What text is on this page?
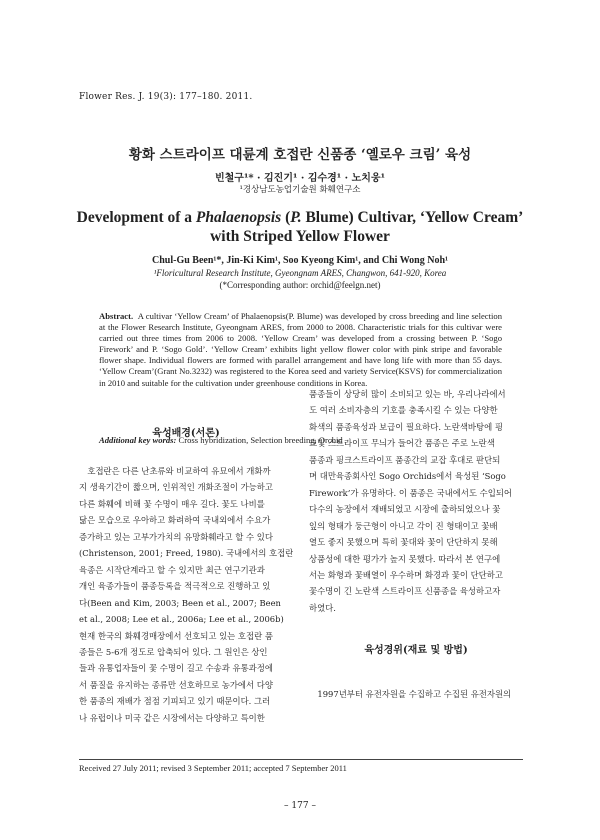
Flower Res. J. 19(3): 177–180. 2011.
황화 스트라이프 대륜계 호접란 신품종 ‘옐로우 크림’ 육성
빈철구¹* · 김진기¹ · 김수경¹ · 노치웅¹
¹경상남도농업기술원 화훼연구소
Development of a Phalaenopsis (P. Blume) Cultivar, ‘Yellow Cream’
with Striped Yellow Flower
Chul-Gu Been¹*, Jin-Ki Kim¹, Soo Kyeong Kim¹, and Chi Wong Noh¹
¹Floricultural Research Institute, Gyeongnam ARES, Changwon, 641-920, Korea
(*Corresponding author: orchid@feelgn.net)
Abstract. A cultivar ‘Yellow Cream’ of Phalaenopsis(P. Blume) was developed by cross breeding and line selection at the Flower Research Institute, Gyeongnam ARES, from 2000 to 2008. Characteristic trials for this cultivar were carried out three times from 2006 to 2008. ‘Yellow Cream’ was developed from a crossing between P. ‘Sogo Firework’ and P. ‘Sogo Gold’. ‘Yellow Cream’ exhibits light yellow flower color with pink stripe and favorable flower shape. Individual flowers are formed with parallel arrangement and have long life with more than 55 days. ‘Yellow Cream’(Grant No.3232) was registered to the Korea seed and variety Service(KSVS) for commercialization in 2010 and suitable for the cultivation under greenhouse conditions in Korea.
Additional key words: Cross hybridization, Selection breeding, Orchid
육성배경(서론)
　호접란은 다른 난초류와 비교하여 유묘에서 개화까
지 생육기간이 짧으며, 인위적인 개화조절이 가능하고
다른 화훼에 비해 꽃 수명이 매우 길다. 꽃도 나비를
닮은 모습으로 우아하고 화려하여 국내외에서 수요가
증가하고 있는 고부가가치의 유망화훼라고 할 수 있다
(Christenson, 2001; Freed, 1980). 국내에서의 호접란
육종은 시작단계라고 할 수 있지만 최근 연구기관과
개인 육종가들이 품종등록을 적극적으로 진행하고 있
다(Been and Kim, 2003; Been et al., 2007; Been
et al., 2008; Lee et al., 2006a; Lee et al., 2006b)
현재 한국의 화훼경매장에서 선호되고 있는 호접란 품
종들은 5-6개 정도로 압축되어 있다. 그 원인은 상인
들과 유통업자들이 꽃 수명이 길고 수송과 유통과정에
서 품질을 유지하는 종류만 선호하므로 농가에서 다양
한 품종의 재배가 점점 기피되고 있기 때문이다. 그러
나 유럽이나 미국 같은 시장에서는 다양하고 특이한
품종들이 상당히 많이 소비되고 있는 바, 우리나라에서
도 여러 소비자층의 기호를 충족시킬 수 있는 다양한
화색의 품종육성과 보급이 필요하다. 노란색바탕에 핑
크빛 스트라이프 무늬가 들어간 품종은 주로 노란색
품종과 핑크스트라이프 품종간의 교잡 후대로 판단되
며 대만육종회사인 Sogo Orchids에서 육성된 ‘Sogo
Firework’가 유명하다. 이 품종은 국내에서도 수입되어
다수의 농장에서 재배되었고 시장에 출하되었으나 꽃
잎의 형태가 둥근형이 아니고 각이 진 형태이고 꽃배
열도 좋지 못했으며 특히 꽃대와 꽃이 단단하지 못해
상품성에 대한 평가가 높지 못했다. 따라서 본 연구에
서는 화형과 꽃배열이 우수하며 화경과 꽃이 단단하고
꽃수명이 긴 노란색 스트라이프 신품종을 육성하고자
하였다.
육성경위(재료 및 방법)
　1997년부터 유전자원을 수집하고 수집된 유전자원의
Received 27 July 2011; revised 3 September 2011; accepted 7 September 2011
– 177 –
